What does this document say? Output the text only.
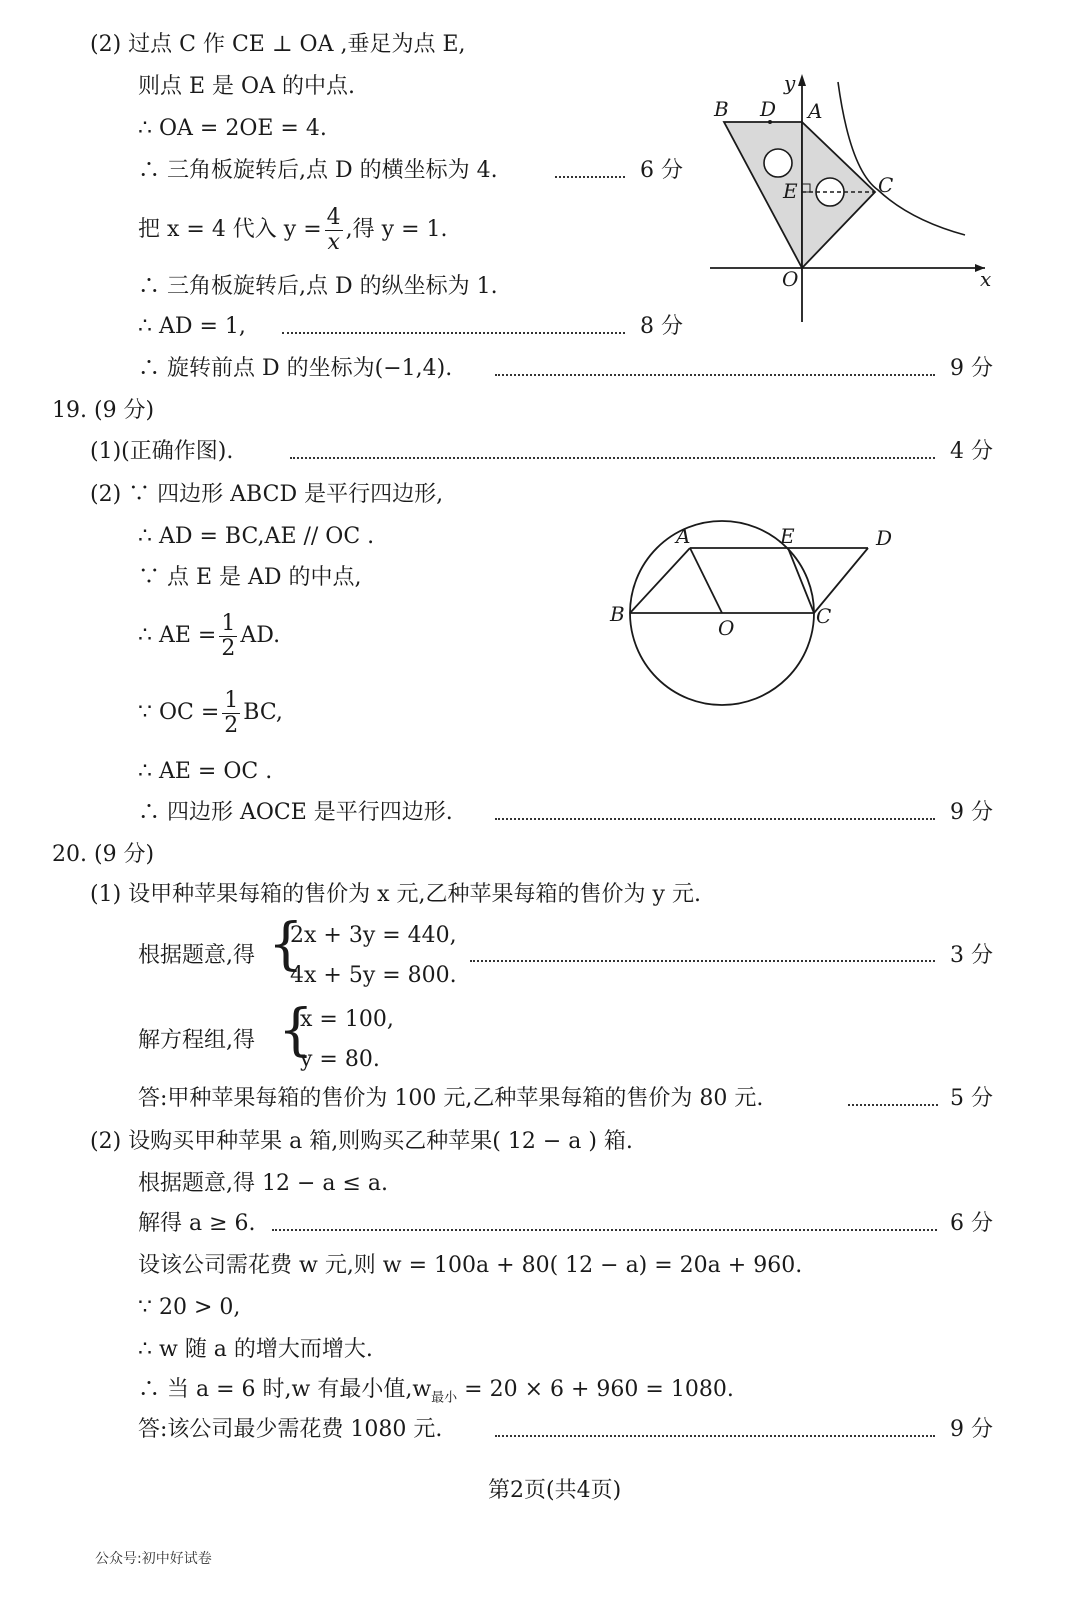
(2) 过点 C 作 CE ⊥ OA ,垂足为点 E,
则点 E 是 OA 的中点.
∴ OA = 2OE = 4.
∴ 三角板旋转后,点 D 的横坐标为 4.	6 分
把 x = 4 代入 $y = \frac{4}{x}$ ,得 y = 1.
∴ 三角板旋转后,点 D 的纵坐标为 1.
∴ AD = 1,	8 分
∴ 旋转前点 D 的坐标为(−1,4).	9 分
B D A
E	C
O	x
y
19. (9 分)
(1)(正确作图).	4 分
(2) ∵ 四边形 ABCD 是平行四边形,
∴ AD = BC,AE // OC .
∵ 点 E 是 AD 的中点,
∴ AE = $\frac{1}{2}$ AD.
∵ OC = $\frac{1}{2}$ BC,
∴ AE = OC .
∴ 四边形 AOCE 是平行四边形.	9 分
A	E	D
B
O	C
20. (9 分)
(1) 设甲种苹果每箱的售价为 x 元,乙种苹果每箱的售价为 y 元.
根据题意,得 {
2x + 3y = 440,
4x + 5y = 800.
3 分
解方程组,得 {
x = 100,
y = 80.
答:甲种苹果每箱的售价为 100 元,乙种苹果每箱的售价为 80 元.	5 分
(2) 设购买甲种苹果 a 箱,则购买乙种苹果( 12 − a ) 箱.
根据题意,得 12 − a ≤ a.
解得 a ≥ 6.	6 分
设该公司需花费 w 元,则 w = 100a + 80( 12 − a) = 20a + 960.
∵ 20 > 0,
∴ w 随 a 的增大而增大.
∴ 当 a = 6 时,w 有最小值$,w_{最小} = 20 \times 6 + 960 = 1080$.
答:该公司最少需花费 1080 元.	9 分
第2页(共4页)
公众号:初中好试卷
